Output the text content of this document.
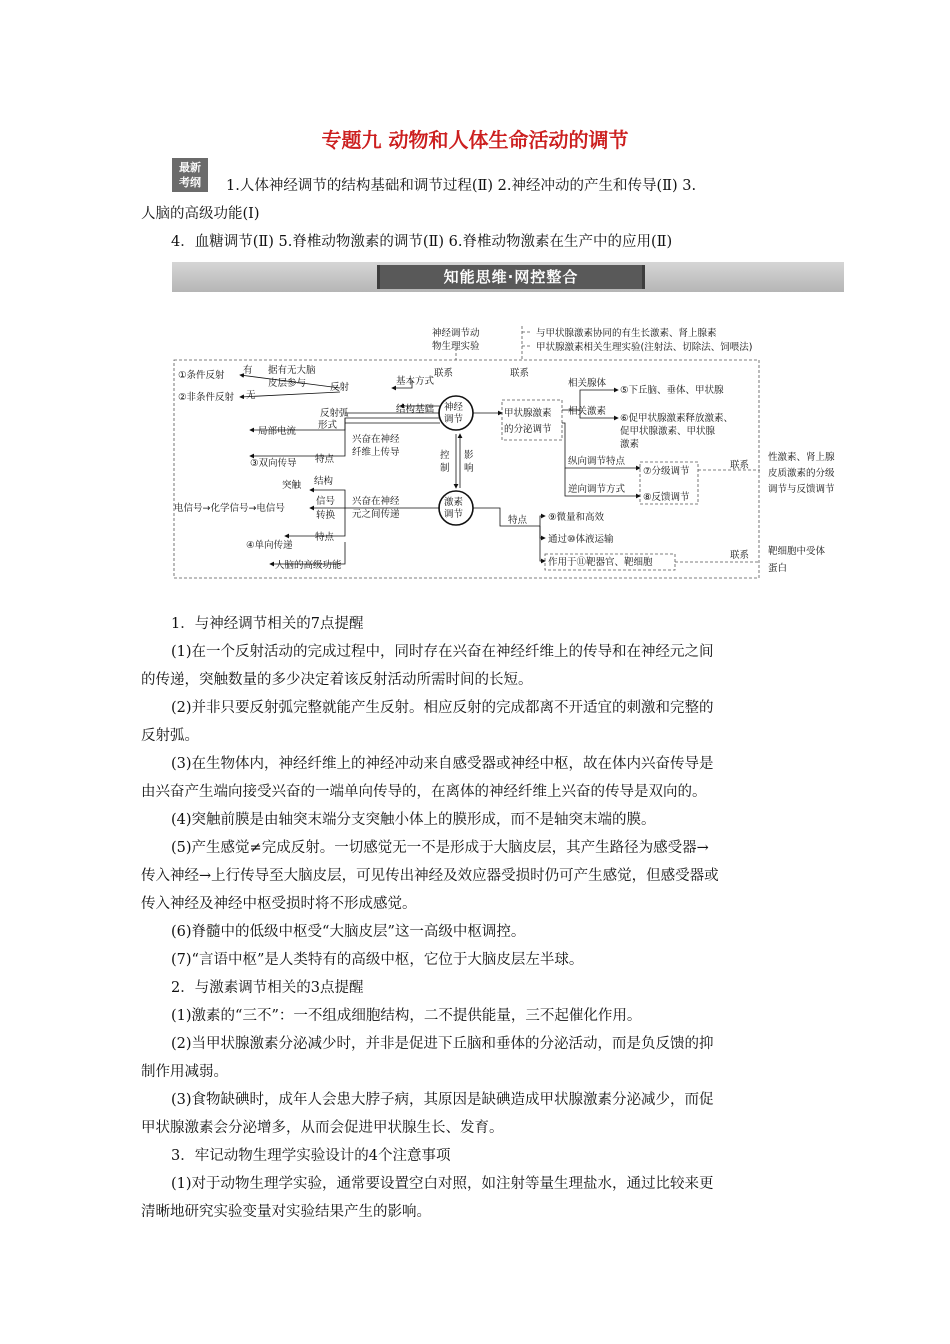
专题九 动物和人体生命活动的调节
最新
考纲	1.人体神经调节的结构基础和调节过程(Ⅱ) 2.神经冲动的产生和传导(Ⅱ) 3.
人脑的高级功能(Ⅰ)
4．血糖调节(Ⅱ) 5.脊椎动物激素的调节(Ⅱ) 6.脊椎动物激素在生产中的应用(Ⅱ)
知能思维·网控整合
神经调节动
物生理实验
与甲状腺激素协同的有生长激素、肾上腺素
甲状腺激素相关生理实验(注射法、切除法、饲喂法)
联系	联系
①条件反射
②非条件反射
有
无
据有无大脑
皮层参与	反射
基本方式
反射弧	结构基础 神经
调节
激素
调节
局部电流
形式
兴奋在神经
纤维上传导
③双向传导 特点
突触 结构
兴奋在神经
元之间传递
信号
转换
电信号→化学信号→电信号
特点
④单向传递
人脑的高级功能
控
制
影
响
甲状腺激素
的分泌调节
相关腺体
⑤下丘脑、垂体、甲状腺
相关激素
⑥促甲状腺激素释放激素、
促甲状腺激素、甲状腺
激素
纵向调节特点
⑦分级调节
逆向调节方式
⑧反馈调节
联系
性激素、肾上腺
皮质激素的分级
调节与反馈调节
特点 ⑨微量和高效
通过⑩体液运输
作用于⑪靶器官、靶细胞
联系 靶细胞中受体
蛋白
1．与神经调节相关的7点提醒
(1)在一个反射活动的完成过程中，同时存在兴奋在神经纤维上的传导和在神经元之间
的传递，突触数量的多少决定着该反射活动所需时间的长短。
(2)并非只要反射弧完整就能产生反射。相应反射的完成都离不开适宜的刺激和完整的
反射弧。
(3)在生物体内，神经纤维上的神经冲动来自感受器或神经中枢，故在体内兴奋传导是
由兴奋产生端向接受兴奋的一端单向传导的，在离体的神经纤维上兴奋的传导是双向的。
(4)突触前膜是由轴突末端分支突触小体上的膜形成，而不是轴突末端的膜。
(5)产生感觉≠完成反射。一切感觉无一不是形成于大脑皮层，其产生路径为感受器→
传入神经→上行传导至大脑皮层，可见传出神经及效应器受损时仍可产生感觉，但感受器或
传入神经及神经中枢受损时将不形成感觉。
(6)脊髓中的低级中枢受“大脑皮层”这一高级中枢调控。
(7)“言语中枢”是人类特有的高级中枢，它位于大脑皮层左半球。
2．与激素调节相关的3点提醒
(1)激素的“三不”：一不组成细胞结构，二不提供能量，三不起催化作用。
(2)当甲状腺激素分泌减少时，并非是促进下丘脑和垂体的分泌活动，而是负反馈的抑
制作用减弱。
(3)食物缺碘时，成年人会患大脖子病，其原因是缺碘造成甲状腺激素分泌减少，而促
甲状腺激素会分泌增多，从而会促进甲状腺生长、发育。
3．牢记动物生理学实验设计的4个注意事项
(1)对于动物生理学实验，通常要设置空白对照，如注射等量生理盐水，通过比较来更
清晰地研究实验变量对实验结果产生的影响。
